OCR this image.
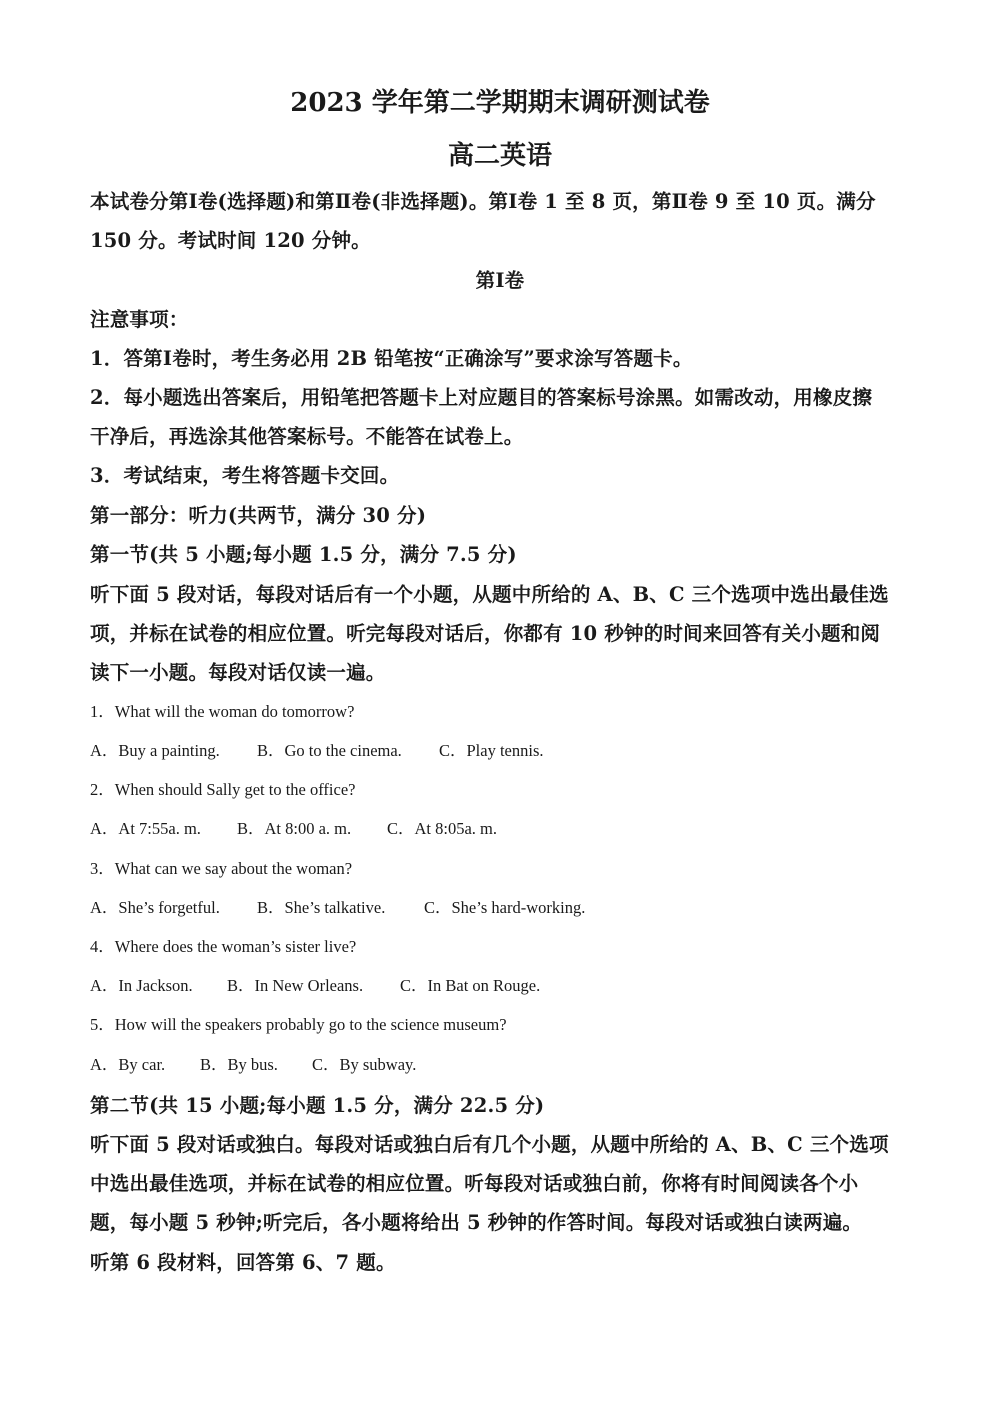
2023 学年第二学期期末调研测试卷
高二英语
本试卷分第Ⅰ卷(选择题)和第Ⅱ卷(非选择题)。第Ⅰ卷 1 至 8 页，第Ⅱ卷 9 至 10 页。满分
150 分。考试时间 120 分钟。
第Ⅰ卷
注意事项：
1．答第Ⅰ卷时，考生务必用 2B 铅笔按“正确涂写”要求涂写答题卡。
2．每小题选出答案后，用铅笔把答题卡上对应题目的答案标号涂黑。如需改动，用橡皮擦
干净后，再选涂其他答案标号。不能答在试卷上。
3．考试结束，考生将答题卡交回。
第一部分：听力(共两节，满分 30 分)
第一节(共 5 小题;每小题 1.5 分，满分 7.5 分)
听下面 5 段对话，每段对话后有一个小题，从题中所给的 A、B、C 三个选项中选出最佳选
项，并标在试卷的相应位置。听完每段对话后，你都有 10 秒钟的时间来回答有关小题和阅
读下一小题。每段对话仅读一遍。
1．What will the woman do tomorrow?
A．Buy a painting. B．Go to the cinema. C．Play tennis.
2．When should Sally get to the office?
A．At 7:55a. m. B．At 8:00 a. m. C．At 8:05a. m.
3．What can we say about the woman?
A．She’s forgetful. B．She’s talkative. C．She’s hard-working.
4．Where does the woman’s sister live?
A．In Jackson. B．In New Orleans. C．In Bat on Rouge.
5．How will the speakers probably go to the science museum?
A．By car. B．By bus. C．By subway.
第二节(共 15 小题;每小题 1.5 分，满分 22.5 分)
听下面 5 段对话或独白。每段对话或独白后有几个小题，从题中所给的 A、B、C 三个选项
中选出最佳选项，并标在试卷的相应位置。听每段对话或独白前，你将有时间阅读各个小
题，每小题 5 秒钟;听完后，各小题将给出 5 秒钟的作答时间。每段对话或独白读两遍。
听第 6 段材料，回答第 6、7 题。
